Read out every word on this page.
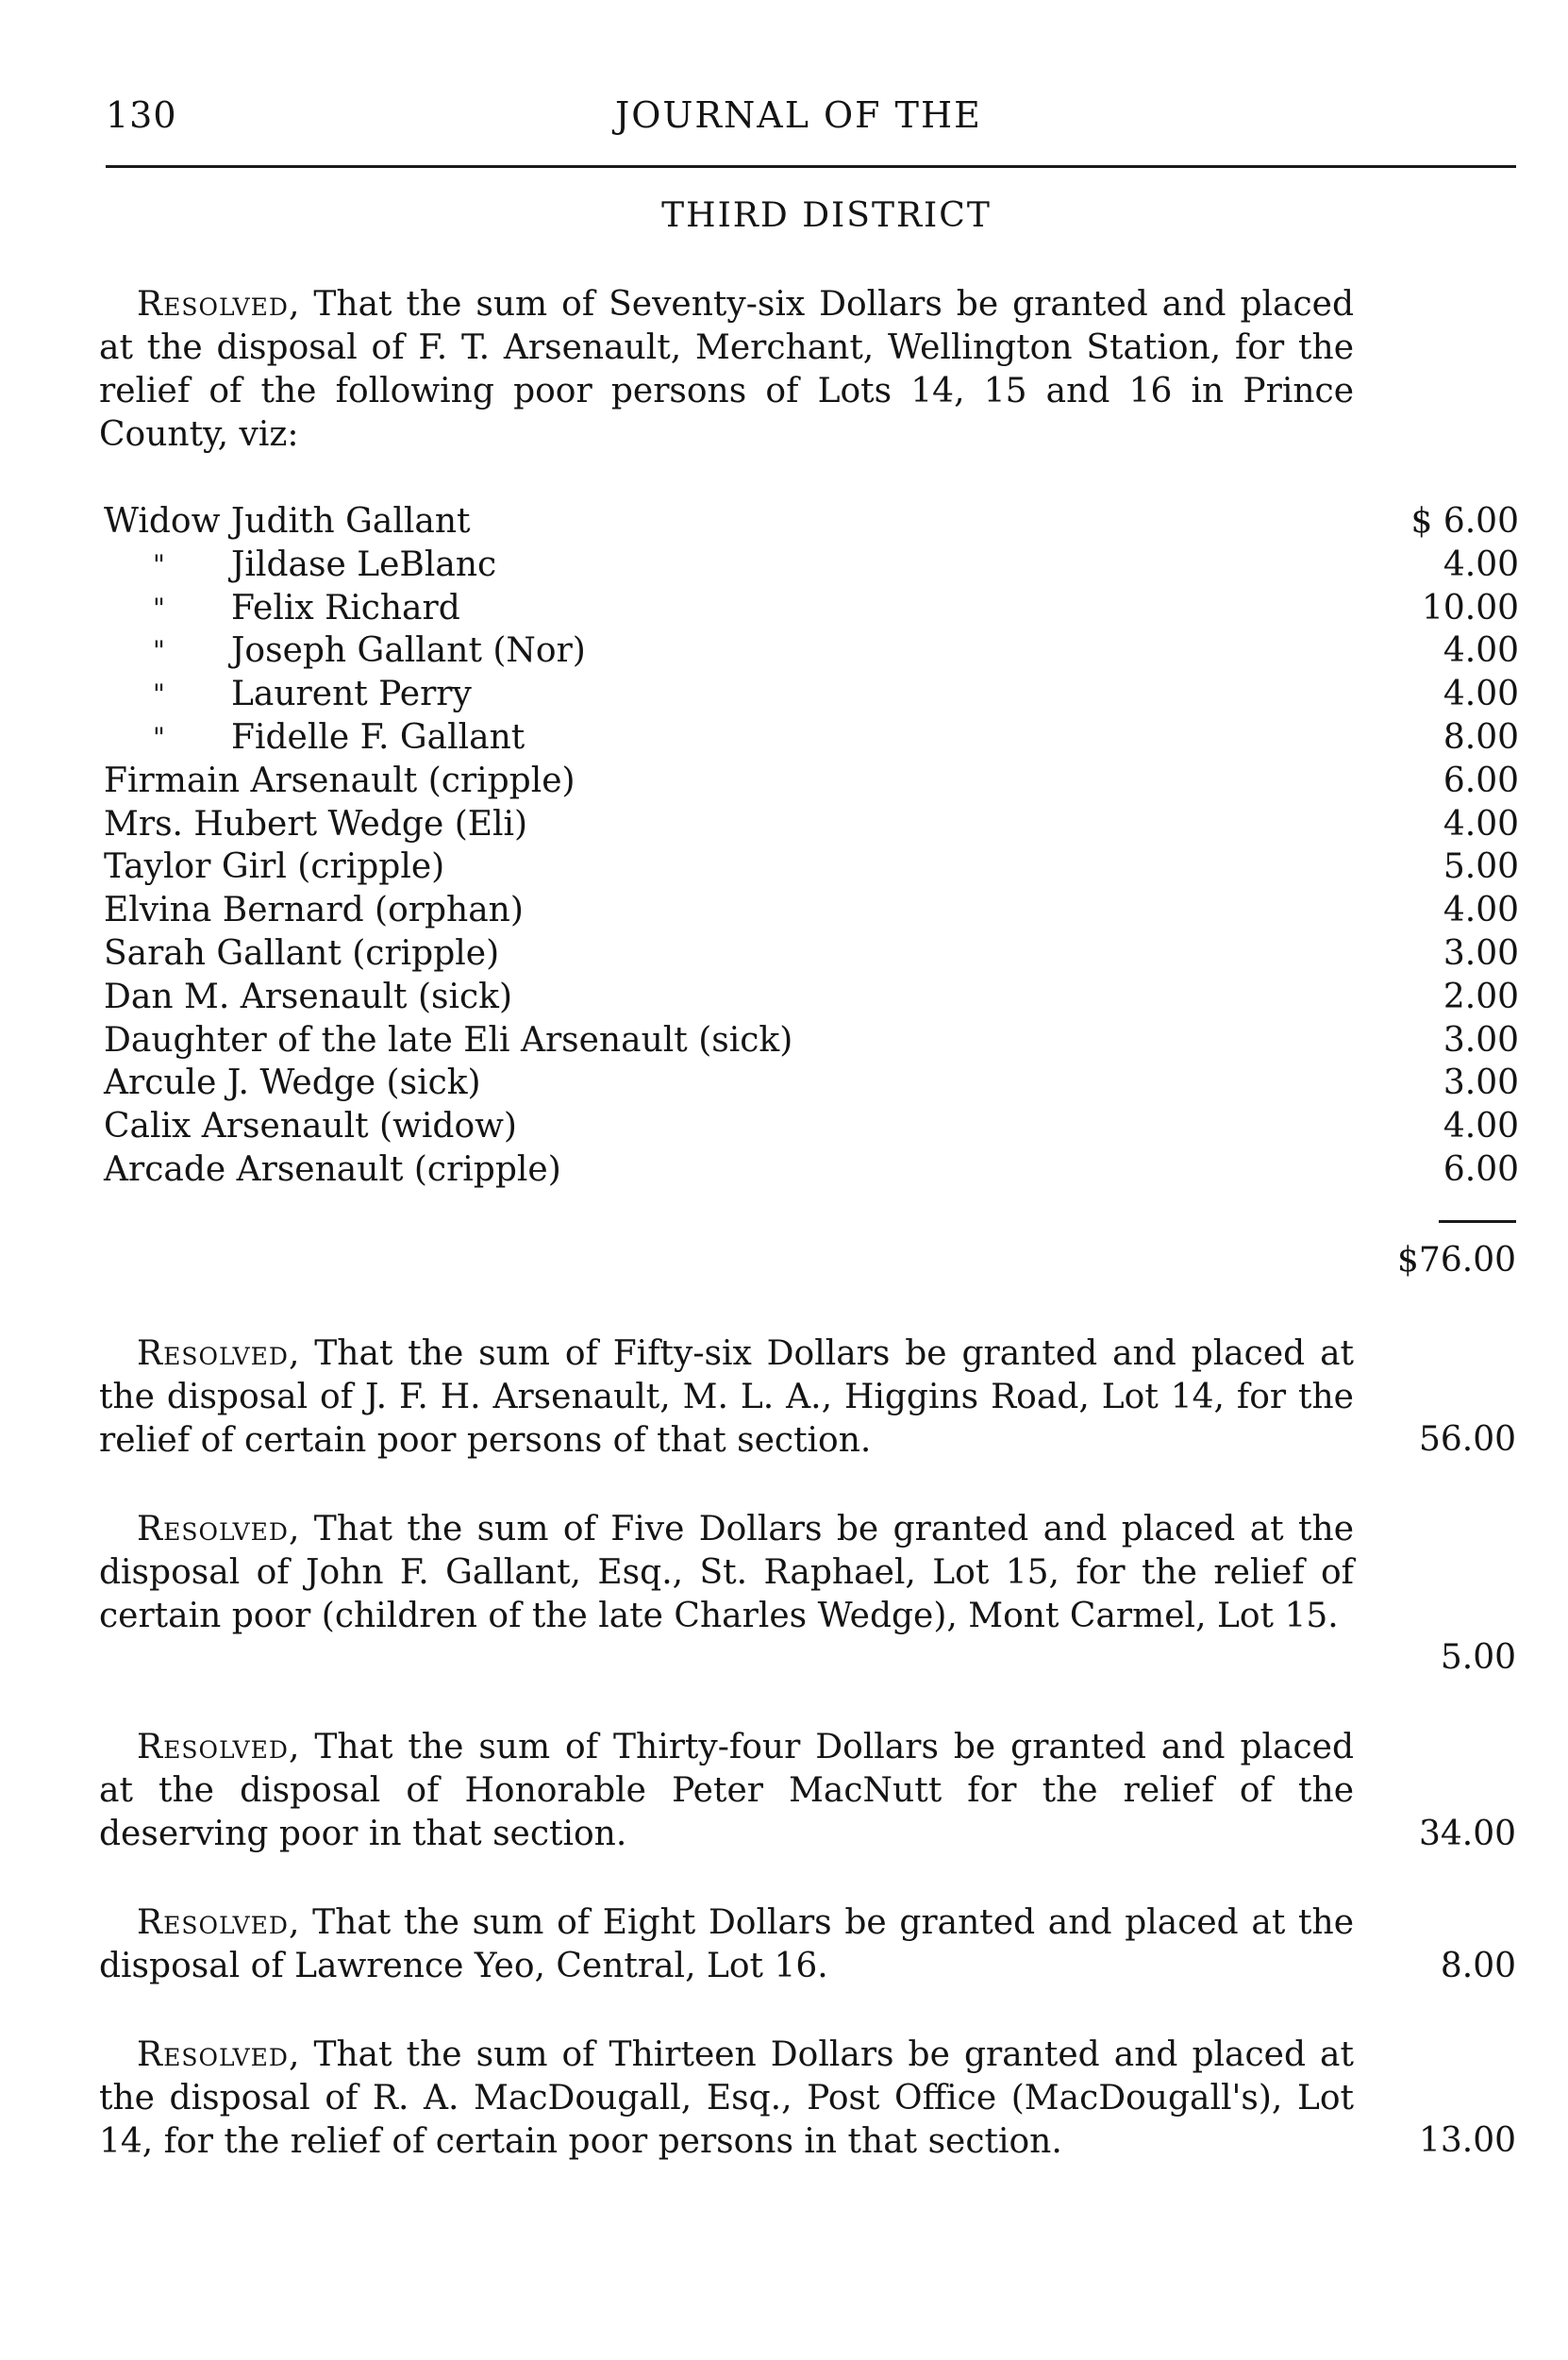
130	JOURNAL OF THE
THIRD DISTRICT

Resolved, That the sum of Seventy-six Dollars be granted and placed at the disposal of F. T. Arsenault, Merchant, Wellington Station, for the relief of the following poor persons of Lots 14, 15 and 16 in Prince County, viz:

Widow Judith Gallant	$ 6.00
" Jildase LeBlanc	4.00
" Felix Richard	10.00
" Joseph Gallant (Nor)	4.00
" Laurent Perry	4.00
" Fidelle F. Gallant	8.00
Firmain Arsenault (cripple)	6.00
Mrs. Hubert Wedge (Eli)	4.00
Taylor Girl (cripple)	5.00
Elvina Bernard (orphan)	4.00
Sarah Gallant (cripple)	3.00
Dan M. Arsenault (sick)	2.00
Daughter of the late Eli Arsenault (sick)	3.00
Arcule J. Wedge (sick)	3.00
Calix Arsenault (widow)	4.00
Arcade Arsenault (cripple)	6.00
$76.00

Resolved, That the sum of Fifty-six Dollars be granted and placed at the disposal of J. F. H. Arsenault, M. L. A., Higgins Road, Lot 14, for the relief of certain poor persons of that section.	56.00

Resolved, That the sum of Five Dollars be granted and placed at the disposal of John F. Gallant, Esq., St. Raphael, Lot 15, for the relief of certain poor (children of the late Charles Wedge), Mont Carmel, Lot 15.

5.00

Resolved, That the sum of Thirty-four Dollars be granted and placed at the disposal of Honorable Peter MacNutt for the relief of the deserving poor in that section.	34.00

Resolved, That the sum of Eight Dollars be granted and placed at the disposal of Lawrence Yeo, Central, Lot 16.	8.00

Resolved, That the sum of Thirteen Dollars be granted and placed at the disposal of R. A. MacDougall, Esq., Post Office (MacDougall's), Lot 14, for the relief of certain poor persons in that section.	13.00
